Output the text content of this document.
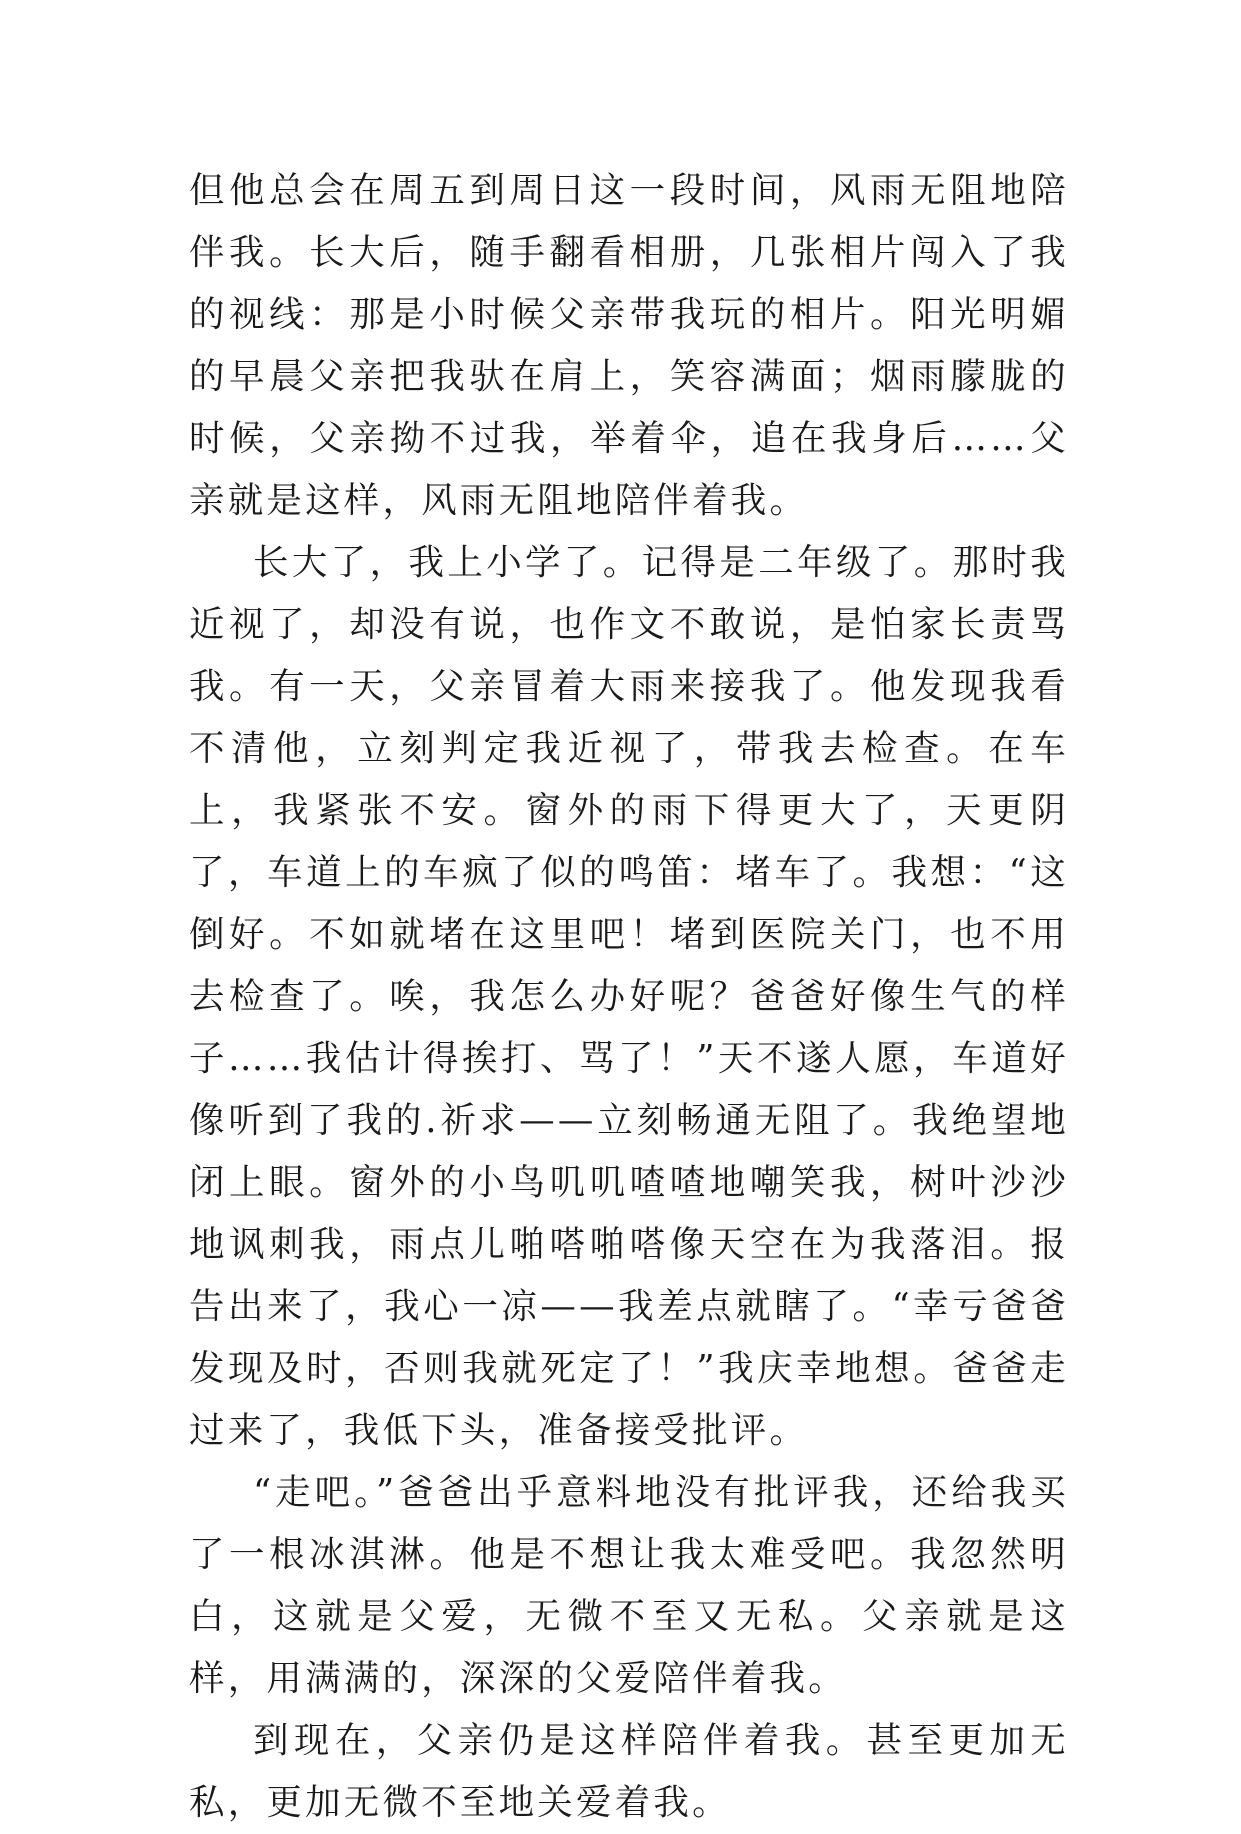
但他总会在周五到周日这一段时间，风雨无阻地陪伴我。长大后，随手翻看相册，几张相片闯入了我的视线：那是小时候父亲带我玩的相片。阳光明媚的早晨父亲把我驮在肩上，笑容满面；烟雨朦胧的时候，父亲拗不过我，举着伞，追在我身后……父亲就是这样，风雨无阻地陪伴着我。

长大了，我上小学了。记得是二年级了。那时我近视了，却没有说，也作文不敢说，是怕家长责骂我。有一天，父亲冒着大雨来接我了。他发现我看不清他，立刻判定我近视了，带我去检查。在车上，我紧张不安。窗外的雨下得更大了，天更阴了，车道上的车疯了似的鸣笛：堵车了。我想：“这倒好。不如就堵在这里吧！堵到医院关门，也不用去检查了。唉，我怎么办好呢？爸爸好像生气的样子……我估计得挨打、骂了！”天不遂人愿，车道好像听到了我的.祈求——立刻畅通无阻了。我绝望地闭上眼。窗外的小鸟叽叽喳喳地嘲笑我，树叶沙沙地讽刺我，雨点儿啪嗒啪嗒像天空在为我落泪。报告出来了，我心一凉——我差点就瞎了。“幸亏爸爸发现及时，否则我就死定了！”我庆幸地想。爸爸走过来了，我低下头，准备接受批评。

“走吧。”爸爸出乎意料地没有批评我，还给我买了一根冰淇淋。他是不想让我太难受吧。我忽然明白，这就是父爱，无微不至又无私。父亲就是这样，用满满的，深深的父爱陪伴着我。

到现在，父亲仍是这样陪伴着我。甚至更加无私，更加无微不至地关爱着我。
